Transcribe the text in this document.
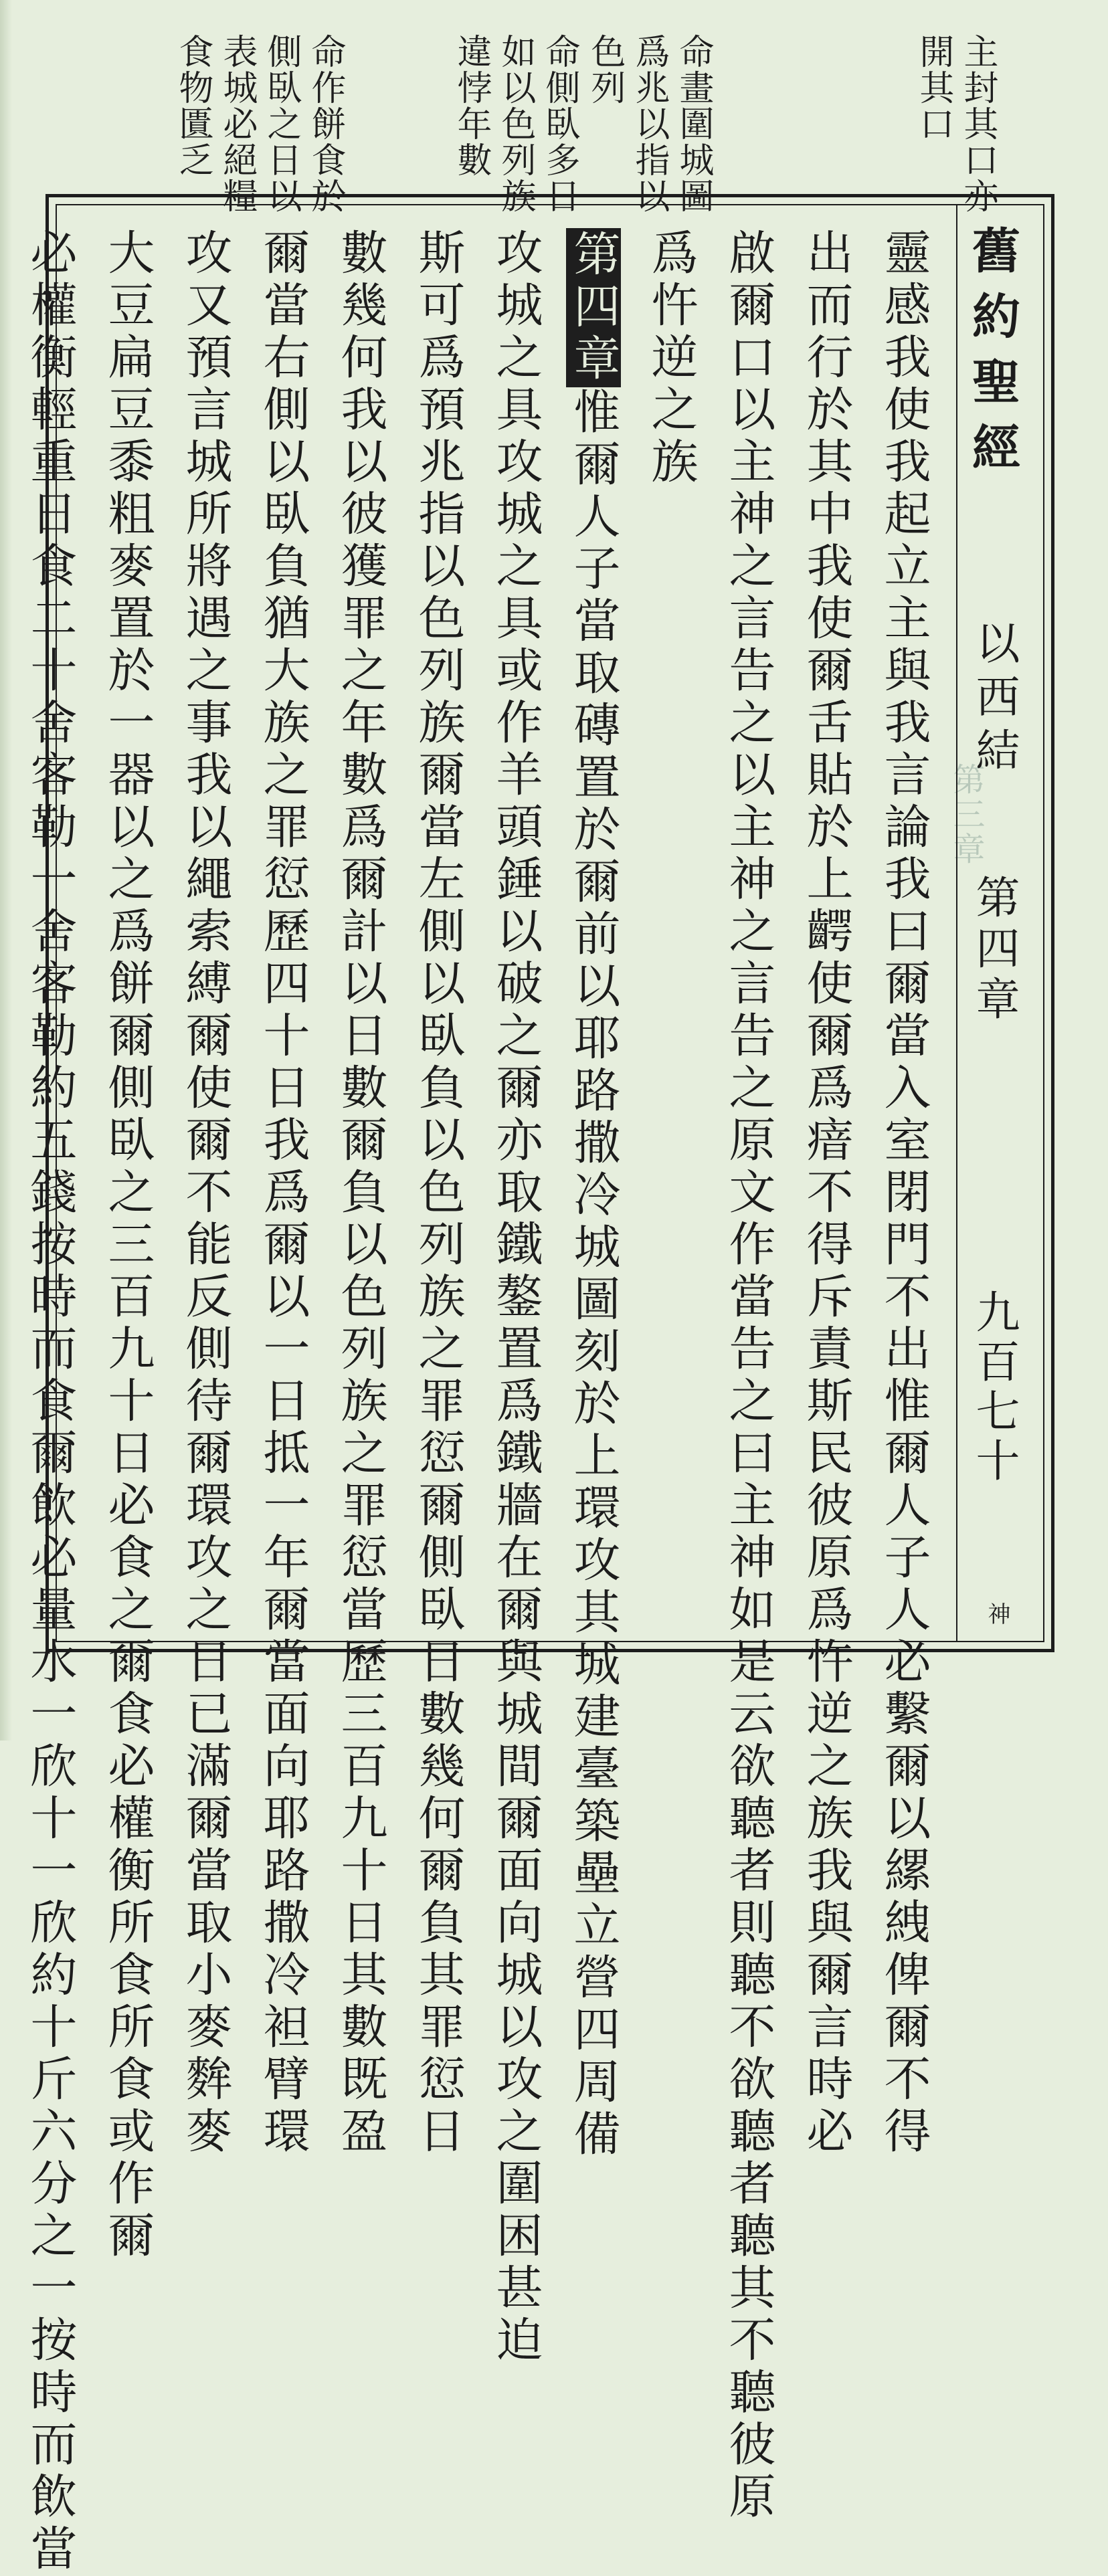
主封其口亦
開其口
命畫圍城圖
爲兆以指以
色列
命側臥多日
如以色列族
違悖年數
命作餅食於
側臥之日以
表城必絕糧
食物匱乏
第三章
舊約聖經
以西結
第四章
九百七十
神
靈感我使我起立主與我言論我曰爾當入室閉門不出惟爾人子人必繫爾以縲絏俾爾不得
出而行於其中我使爾舌貼於上齶使爾爲瘖不得斥責斯民彼原爲忤逆之族我與爾言時必
啟爾口以主神之言告之以主神之言告之原文作當告之曰主神如是云欲聽者則聽不欲聽者聽其不聽彼原
爲忤逆之族
第四章惟爾人子當取磚置於爾前以耶路撒冷城圖刻於上環攻其城建臺築壘立營四周備
攻城之具攻城之具或作羊頭錘以破之爾亦取鐵鏊置爲鐵牆在爾與城間爾面向城以攻之圍困甚迫
斯可爲預兆指以色列族爾當左側以臥負以色列族之罪愆爾側臥日數幾何爾負其罪愆日
數幾何我以彼獲罪之年數爲爾計以日數爾負以色列族之罪愆當歷三百九十日其數既盈
爾當右側以臥負猶大族之罪愆歷四十日我爲爾以一日抵一年爾當面向耶路撒冷袒臂環
攻又預言城所將遇之事我以繩索縛爾使爾不能反側待爾環攻之日已滿爾當取小麥麰麥
大豆扁豆黍粗麥置於一器以之爲餅爾側臥之三百九十日必食之爾食必權衡所食所食或作爾
必權衡輕重日食二十舍客勒一舍客勒約五錢按時而食爾飲必量水一欣十一欣約十斤六分之一按時而飲當
